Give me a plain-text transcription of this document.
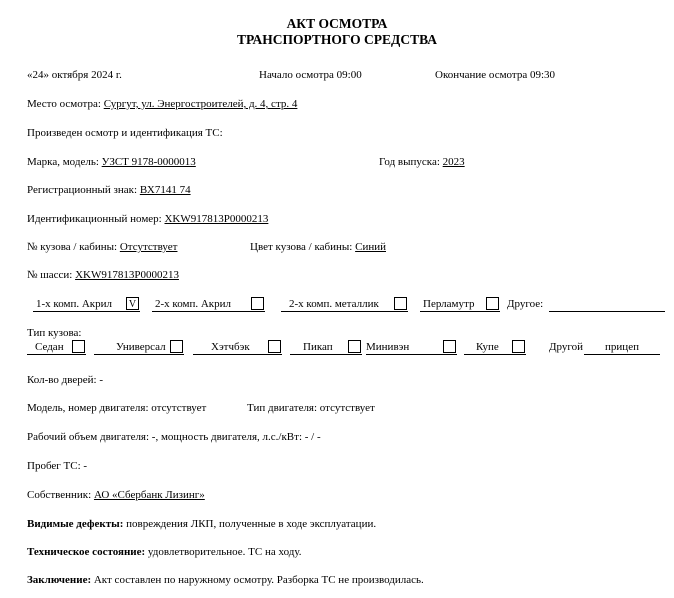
АКТ ОСМОТРА
ТРАНСПОРТНОГО СРЕДСТВА
«24» октября 2024 г.	Начало осмотра 09:00	Окончание осмотра 09:30
Место осмотра: Сургут, ул. Энергостроителей, д. 4, стр. 4
Произведен осмотр и идентификация ТС:
Марка, модель: УЗСТ 9178-0000013	Год выпуска: 2023
Регистрационный знак: ВХ7141 74
Идентификационный номер: XKW917813P0000213
№ кузова / кабины: Отсутствует	Цвет кузова / кабины: Синий
№ шасси: XKW917813P0000213
1-х комп. Акрил V 2-х комп. Акрил	2-х комп. металлик	Перламутр	Другое:
Тип кузова:
Седан	Универсал	Хэтчбэк	Пикап	Минивэн	Купе	Другой	прицеп
Кол-во дверей: -
Модель, номер двигателя: отсутствует	Тип двигателя: отсутствует
Рабочий объем двигателя: -, мощность двигателя, л.с./кВт: - / -
Пробег ТС: -
Собственник: АО «Сбербанк Лизинг»
Видимые дефекты: повреждения ЛКП, полученные в ходе эксплуатации.
Техническое состояние: удовлетворительное. ТС на ходу.
Заключение: Акт составлен по наружному осмотру. Разборка ТС не производилась.
